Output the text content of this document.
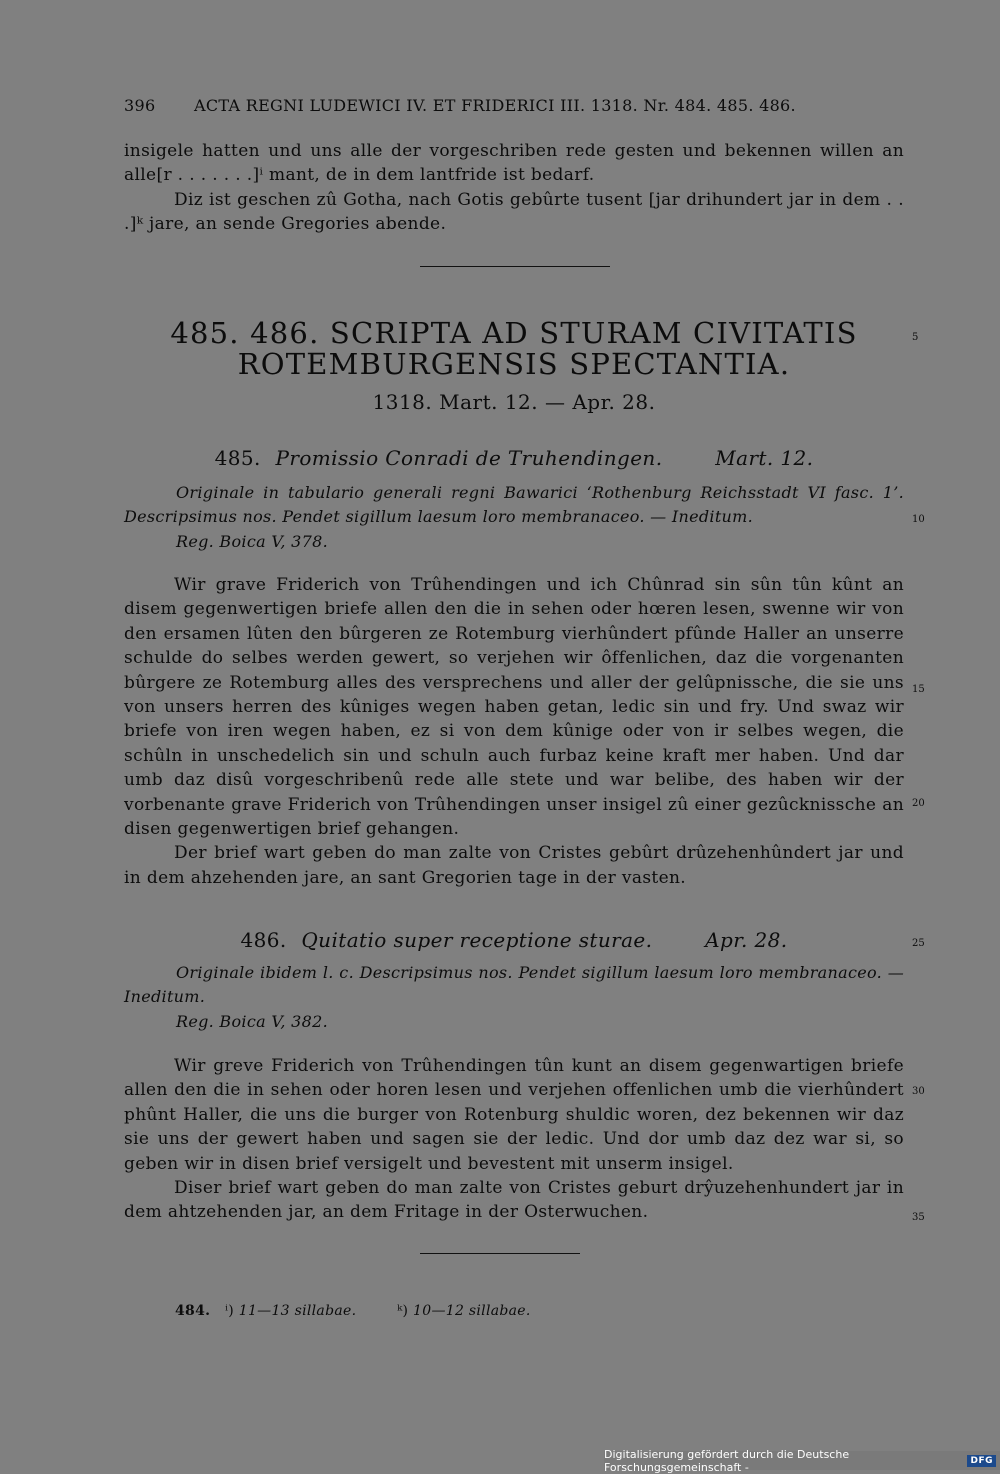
396	ACTA REGNI LUDEWICI IV. ET FRIDERICI III. 1318. Nr. 484. 485. 486.

insigele hatten und uns alle der vorgeschriben rede gesten und bekennen willen an alle[r . . . . . . .]ⁱ mant, de in dem lantfride ist bedarf.

Diz ist geschen zû Gotha, nach Gotis gebûrte tusent [jar drihundert jar in dem . . .]ᵏ jare, an sende Gregories abende.

485. 486. SCRIPTA AD STURAM CIVITATIS
ROTEMBURGENSIS SPECTANTIA.
1318. Mart. 12. — Apr. 28.
485. Promissio Conradi de Truhendingen.	Mart. 12.

Originale in tabulario generali regni Bawarici ‘Rothenburg Reichsstadt VI fasc. 1’. Descripsimus nos. Pendet sigillum laesum loro membranaceo. — Ineditum.

Reg. Boica V, 378.

Wir grave Friderich von Trûhendingen und ich Chûnrad sin sûn tûn kûnt an disem gegenwertigen briefe allen den die in sehen oder hœren lesen, swenne wir von den ersamen lûten den bûrgeren ze Rotemburg vierhûndert pfûnde Haller an unserre schulde do selbes werden gewert, so verjehen wir ôffenlichen, daz die vorgenanten bûrgere ze Rotemburg alles des versprechens und aller der gelûpnissche, die sie uns von unsers herren des kûniges wegen haben getan, ledic sin und fry. Und swaz wir briefe von iren wegen haben, ez si von dem kûnige oder von ir selbes wegen, die schûln in unschedelich sin und schuln auch furbaz keine kraft mer haben. Und dar umb daz disû vorgeschribenû rede alle stete und war belibe, des haben wir der vorbenante grave Friderich von Trûhendingen unser insigel zû einer gezûcknissche an disen gegenwertigen brief gehangen.

Der brief wart geben do man zalte von Cristes gebûrt drûzehenhûndert jar und in dem ahzehenden jare, an sant Gregorien tage in der vasten.

486. Quitatio super receptione sturae.	Apr. 28.

Originale ibidem l. c. Descripsimus nos. Pendet sigillum laesum loro membranaceo. — Ineditum.

Reg. Boica V, 382.

Wir greve Friderich von Trûhendingen tûn kunt an disem gegenwartigen briefe allen den die in sehen oder horen lesen und verjehen offenlichen umb die vierhûndert phûnt Haller, die uns die burger von Rotenburg shuldic woren, dez bekennen wir daz sie uns der gewert haben und sagen sie der ledic. Und dor umb daz dez war si, so geben wir in disen brief versigelt und bevestent mit unserm insigel.

Diser brief wart geben do man zalte von Cristes geburt drŷuzehenhundert jar in dem ahtzehenden jar, an dem Fritage in der Osterwuchen.

5
10
15
20
25
30
35
484. ⁱ) 11—13 sillabae.	ᵏ) 10—12 sillabae.
Digitalisierung gefördert durch die Deutsche Forschungsgemeinschaft -	DFG
